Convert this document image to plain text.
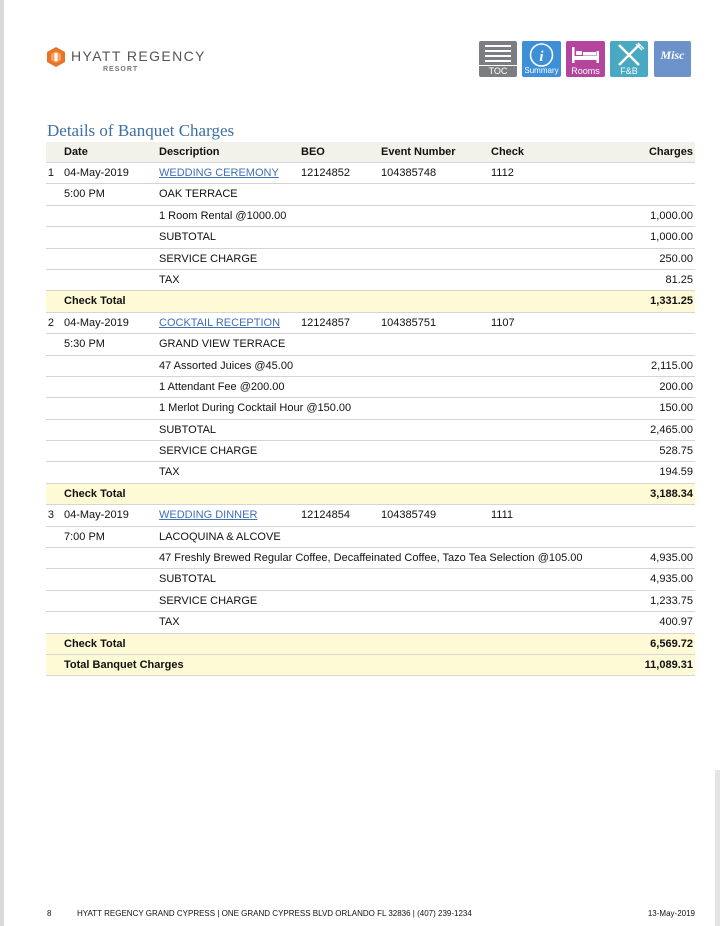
HYATT REGENCY
RESORT	TOC
i
Summary	Rooms	F&B
Misc
Details of Banquet Charges
Date	Description	BEO	Event Number	Check	Charges
1 04-May-2019	WEDDING CEREMONY 12124852	104385748	1112
5:00 PM	OAK TERRACE
1 Room Rental @1000.00	1,000.00
SUBTOTAL	1,000.00
SERVICE CHARGE	250.00
TAX	81.25
Check Total	1,331.25
2 04-May-2019	COCKTAIL RECEPTION 12124857	104385751	1107
5:30 PM	GRAND VIEW TERRACE
47 Assorted Juices @45.00	2,115.00
1 Attendant Fee @200.00	200.00
1 Merlot During Cocktail Hour @150.00	150.00
SUBTOTAL	2,465.00
SERVICE CHARGE	528.75
TAX	194.59
Check Total	3,188.34
3 04-May-2019	WEDDING DINNER	12124854	104385749	1111
7:00 PM	LACOQUINA & ALCOVE
47 Freshly Brewed Regular Coffee, Decaffeinated Coffee, Tazo Tea Selection @105.00	4,935.00
SUBTOTAL	4,935.00
SERVICE CHARGE	1,233.75
TAX	400.97
Check Total	6,569.72
Total Banquet Charges	11,089.31
8	HYATT REGENCY GRAND CYPRESS | ONE GRAND CYPRESS BLVD ORLANDO FL 32836 | (407) 239-1234	13-May-2019
